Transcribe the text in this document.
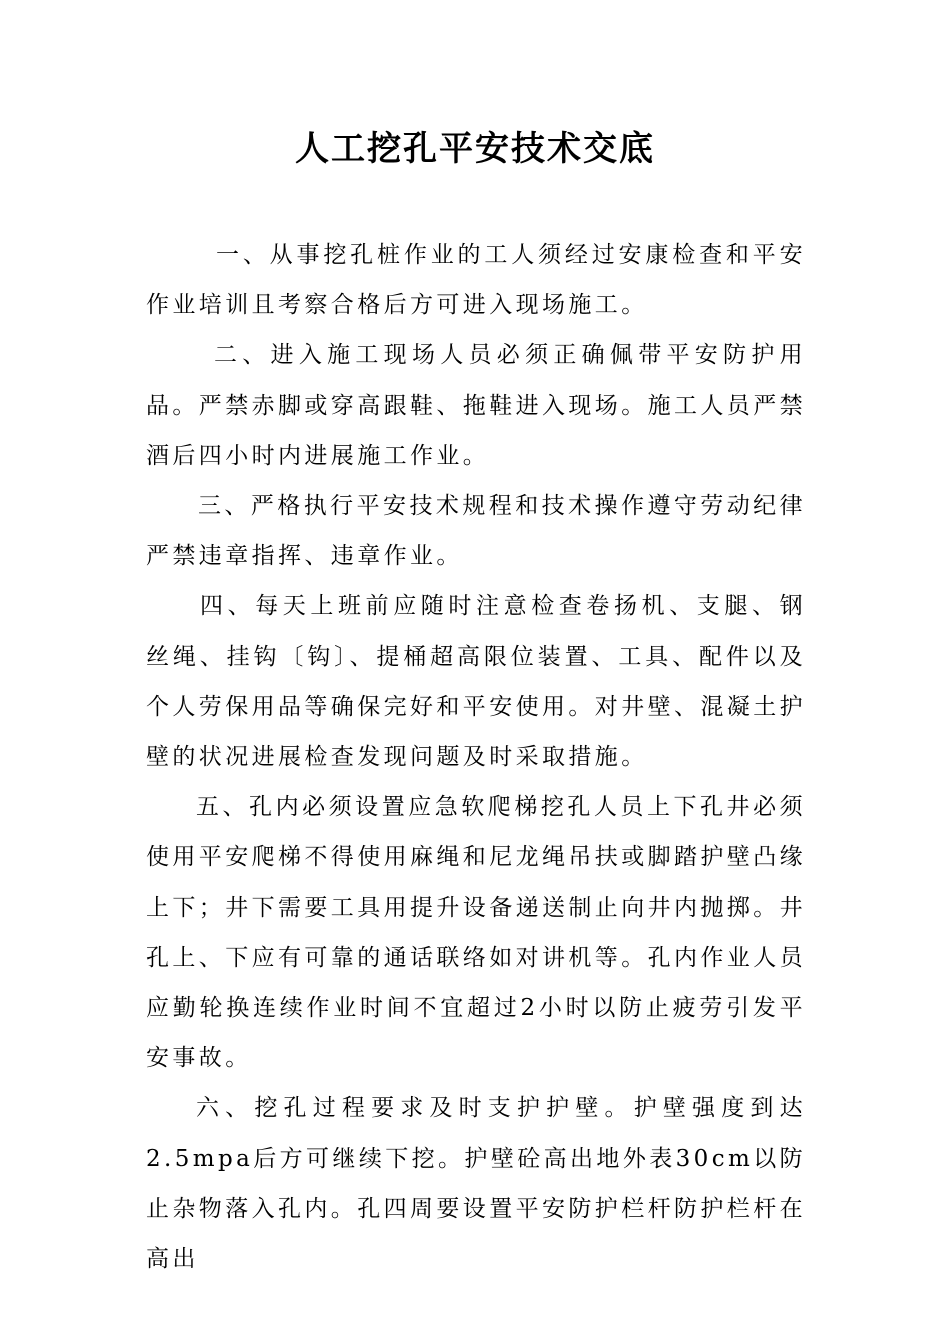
人工挖孔平安技术交底

一、从事挖孔桩作业的工人须经过安康检查和平安作业培训且考察合格后方可进入现场施工。

二、进入施工现场人员必须正确佩带平安防护用品。严禁赤脚或穿高跟鞋、拖鞋进入现场。施工人员严禁酒后四小时内进展施工作业。

三、严格执行平安技术规程和技术操作遵守劳动纪律严禁违章指挥、违章作业。

四、每天上班前应随时注意检查卷扬机、支腿、钢丝绳、挂钩〔钩〕、提桶超高限位装置、工具、配件以及个人劳保用品等确保完好和平安使用。对井壁、混凝土护壁的状况进展检查发现问题及时采取措施。

五、孔内必须设置应急软爬梯挖孔人员上下孔井必须使用平安爬梯不得使用麻绳和尼龙绳吊扶或脚踏护壁凸缘上下；井下需要工具用提升设备递送制止向井内抛掷。井孔上、下应有可靠的通话联络如对讲机等。孔内作业人员应勤轮换连续作业时间不宜超过2小时以防止疲劳引发平安事故。

六、挖孔过程要求及时支护护壁。护壁强度到达2.5mpa后方可继续下挖。护壁砼高出地外表30cm以防止杂物落入孔内。孔四周要设置平安防护栏杆防护栏杆在高出
